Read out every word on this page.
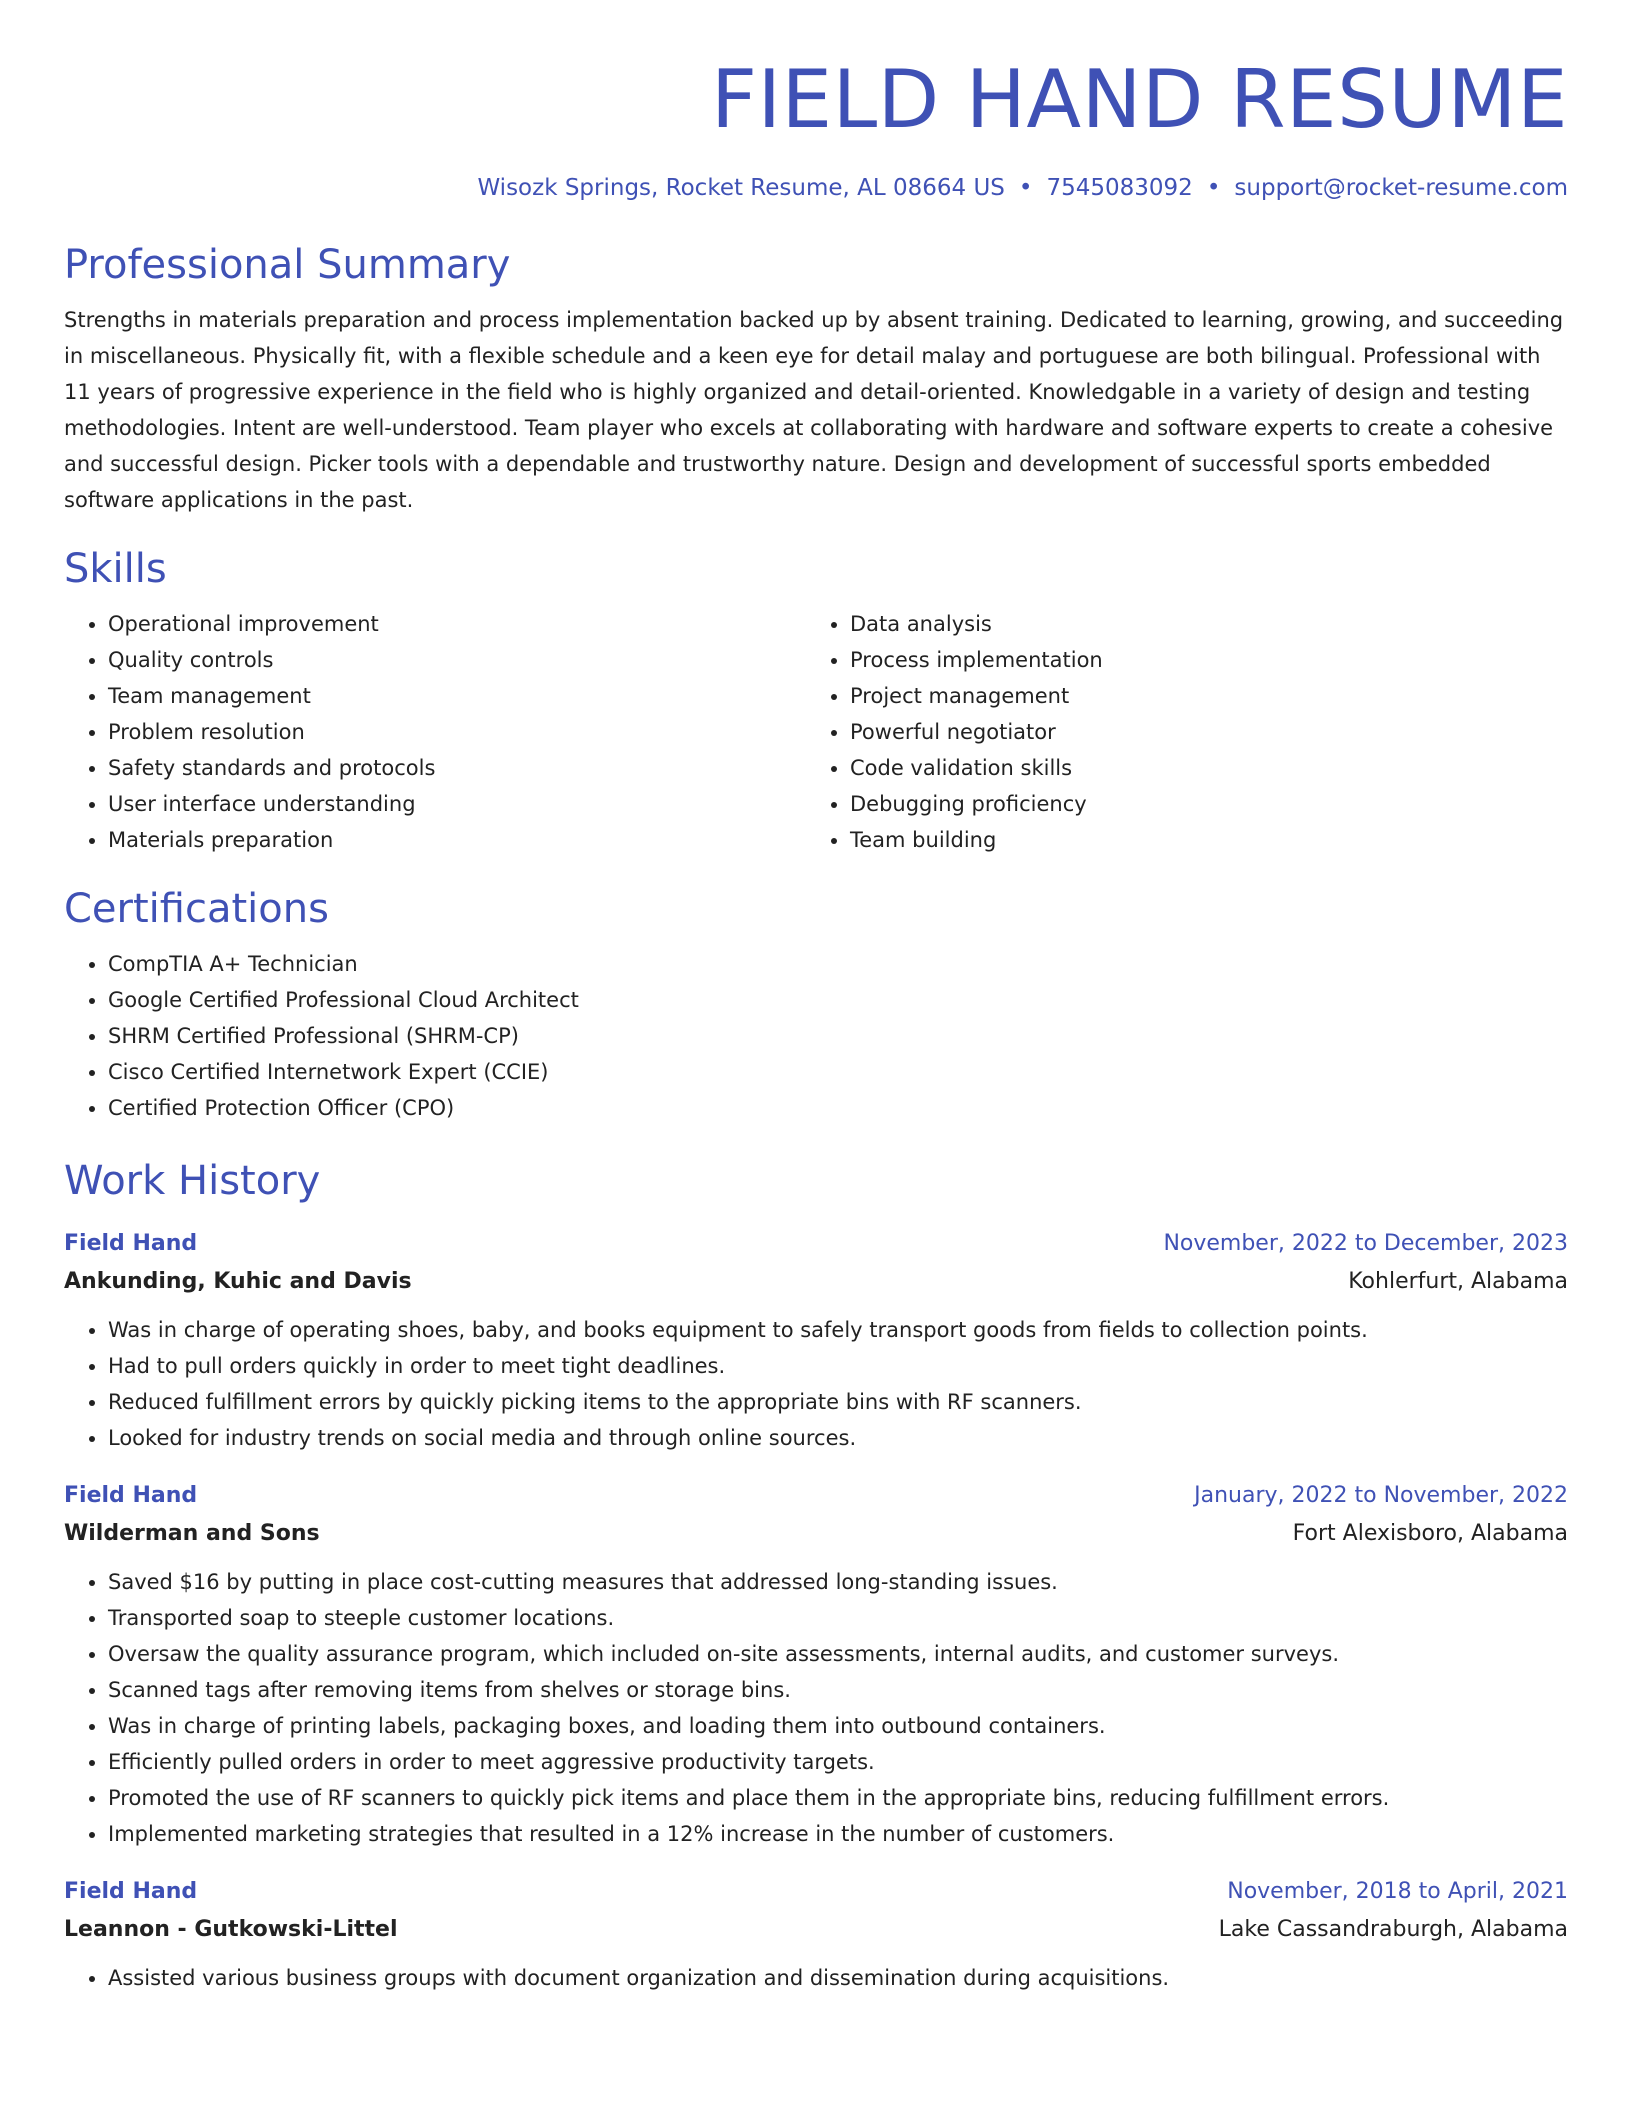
FIELD HAND RESUME
Wisozk Springs, Rocket Resume, AL 08664 US • 7545083092 • support@rocket-resume.com
Professional Summary
Strengths in materials preparation and process implementation backed up by absent training. Dedicated to learning, growing, and succeeding in miscellaneous. Physically fit, with a flexible schedule and a keen eye for detail malay and portuguese are both bilingual. Professional with 11 years of progressive experience in the field who is highly organized and detail-oriented. Knowledgable in a variety of design and testing methodologies. Intent are well-understood. Team player who excels at collaborating with hardware and software experts to create a cohesive and successful design. Picker tools with a dependable and trustworthy nature. Design and development of successful sports embedded software applications in the past.
Skills
• Operational improvement
• Quality controls
• Team management
• Problem resolution
• Safety standards and protocols
• User interface understanding
• Materials preparation
• Data analysis
• Process implementation
• Project management
• Powerful negotiator
• Code validation skills
• Debugging proficiency
• Team building
Certifications
• CompTIA A+ Technician
• Google Certified Professional Cloud Architect
• SHRM Certified Professional (SHRM-CP)
• Cisco Certified Internetwork Expert (CCIE)
• Certified Protection Officer (CPO)
Work History
Field Hand	November, 2022 to December, 2023
Ankunding, Kuhic and Davis	Kohlerfurt, Alabama
• Was in charge of operating shoes, baby, and books equipment to safely transport goods from fields to collection points.
• Had to pull orders quickly in order to meet tight deadlines.
• Reduced fulfillment errors by quickly picking items to the appropriate bins with RF scanners.
• Looked for industry trends on social media and through online sources.
Field Hand	January, 2022 to November, 2022
Wilderman and Sons	Fort Alexisboro, Alabama
• Saved $16 by putting in place cost-cutting measures that addressed long-standing issues.
• Transported soap to steeple customer locations.
• Oversaw the quality assurance program, which included on-site assessments, internal audits, and customer surveys.
• Scanned tags after removing items from shelves or storage bins.
• Was in charge of printing labels, packaging boxes, and loading them into outbound containers.
• Efficiently pulled orders in order to meet aggressive productivity targets.
• Promoted the use of RF scanners to quickly pick items and place them in the appropriate bins, reducing fulfillment errors.
• Implemented marketing strategies that resulted in a 12% increase in the number of customers.
Field Hand	November, 2018 to April, 2021
Leannon - Gutkowski-Littel	Lake Cassandraburgh, Alabama
• Assisted various business groups with document organization and dissemination during acquisitions.
